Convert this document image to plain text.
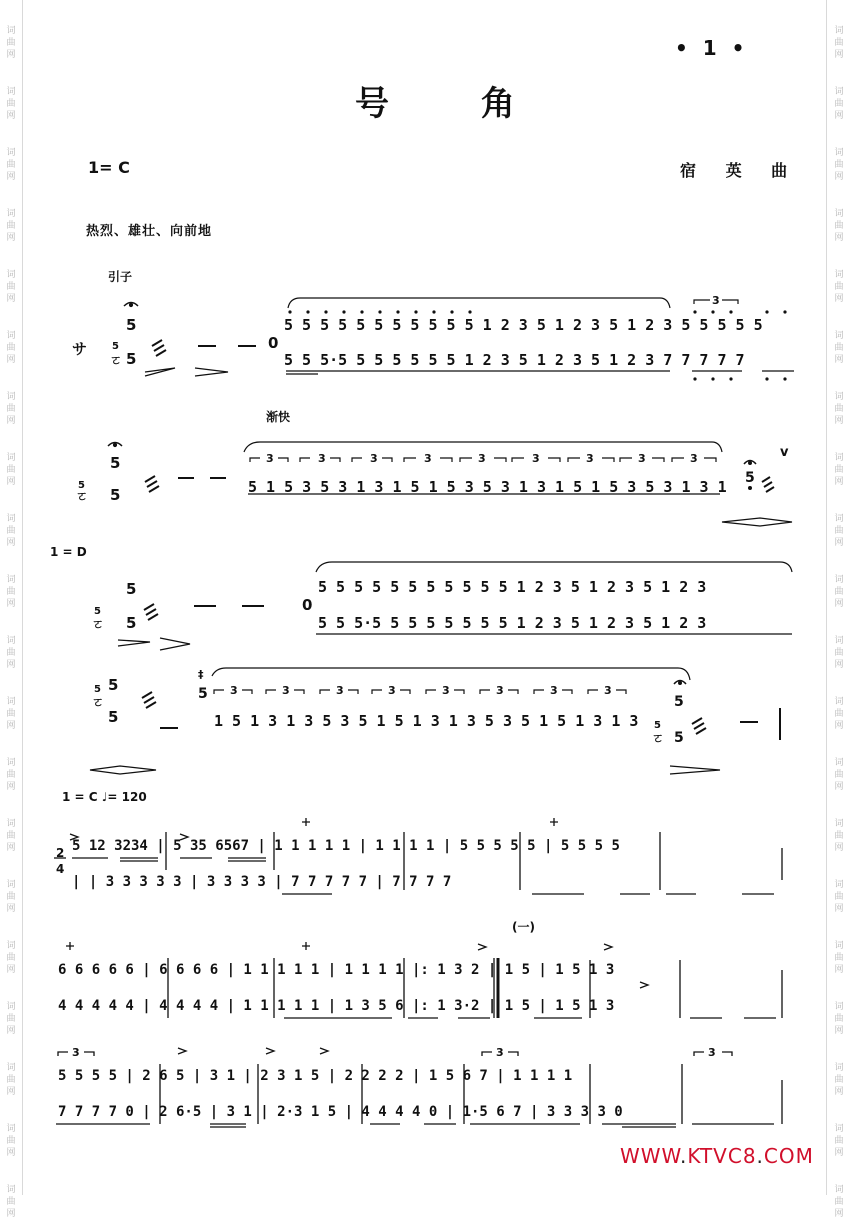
词
曲
网
词
曲
网
词
曲
网
词
曲
网
词
曲
网
词
曲
网
词
曲
网
词
曲
网
词
曲
网
词
曲
网
词
曲
网
词
曲
网
词
曲
网
词
曲
网
词
曲
网
词
曲
网
词
曲
网
词
曲
网
词
曲
网
词
曲
网
词
曲
网
词
曲
网
词
曲
网
词
曲
网
词
曲
网
词
曲
网
词
曲
网
词
曲
网
词
曲
网
词
曲
网
词
曲
网
词
曲
网
词
曲
网
词
曲
网
词
曲
网
词
曲
网
词
曲
网
词
曲
网
词
曲
网
词
曲
网
• 1 •
号 角
1= C	宿 英 曲
热烈、雄壮、向前地
引子
渐快
1 = D
1 = C ♩= 120
(一)
2
4
サ
5 5 5 5 5 5 5 5 5 5 5 1 2 3 5 1 2 3 5 1 2 3 5 5 5 5 5
5 5 5·5 5 5 5 5 5 5 1 2 3 5 1 2 3 5 1 2 3 7 7 7 7 7
5 1 5 3 5 3 1 3 1 5 1 5 3 5 3 1 3 1 5 1 5 3 5 3 1 3 1
5 5 5 5 5 5 5 5 5 5 5 1 2 3 5 1 2 3 5 1 2 3
5 5 5·5 5 5 5 5 5 5 5 1 2 3 5 1 2 3 5 1 2 3
1 5 1 3 1 3 5 3 5 1 5 1 3 1 3 5 3 5 1 5 1 3 1 3
5 12 3234 | 5 35 6567 | 1 1 1 1 1 | 1 1 1 1 | 5 5 5 5 5 | 5 5 5 5
| | 3 3 3 3 3 | 3 3 3 3 | 7 7 7 7 7 | 7 7 7 7
6 6 6 6 6 | 6 6 6 6 | 1 1 1 1 1 | 1 1 1 1 |: 1 3 2 | 1 5 | 1 5 1 3
4 4 4 4 4 | 4 4 4 4 | 1 1 1 1 1 | 1 3 5 6 |: 1 3·2 | 1 5 | 1 5 1 3
5 5 5 5 | 2 6 5 | 3 1 | 2 3 1 5 | 2 2 2 2 | 1 5 6 7 | 1 1 1 1
7 7 7 7 0 | 2 6·5 | 3 1 | 2·3 1 5 | 4 4 4 4 0 | 1·5 6 7 | 3 3 3 3 0
5
5
ㄛ 5
0
3
5
5
ㄛ 5
3	3	3	3	3	3	3	3	3
5
v
5
5
ㄛ 5
0
5
ㄛ
5
5
‡
5 3	3	3	3	3	3	3	3
5
5
ㄛ 5
3	3	3
WWW.KTVC8.COM
